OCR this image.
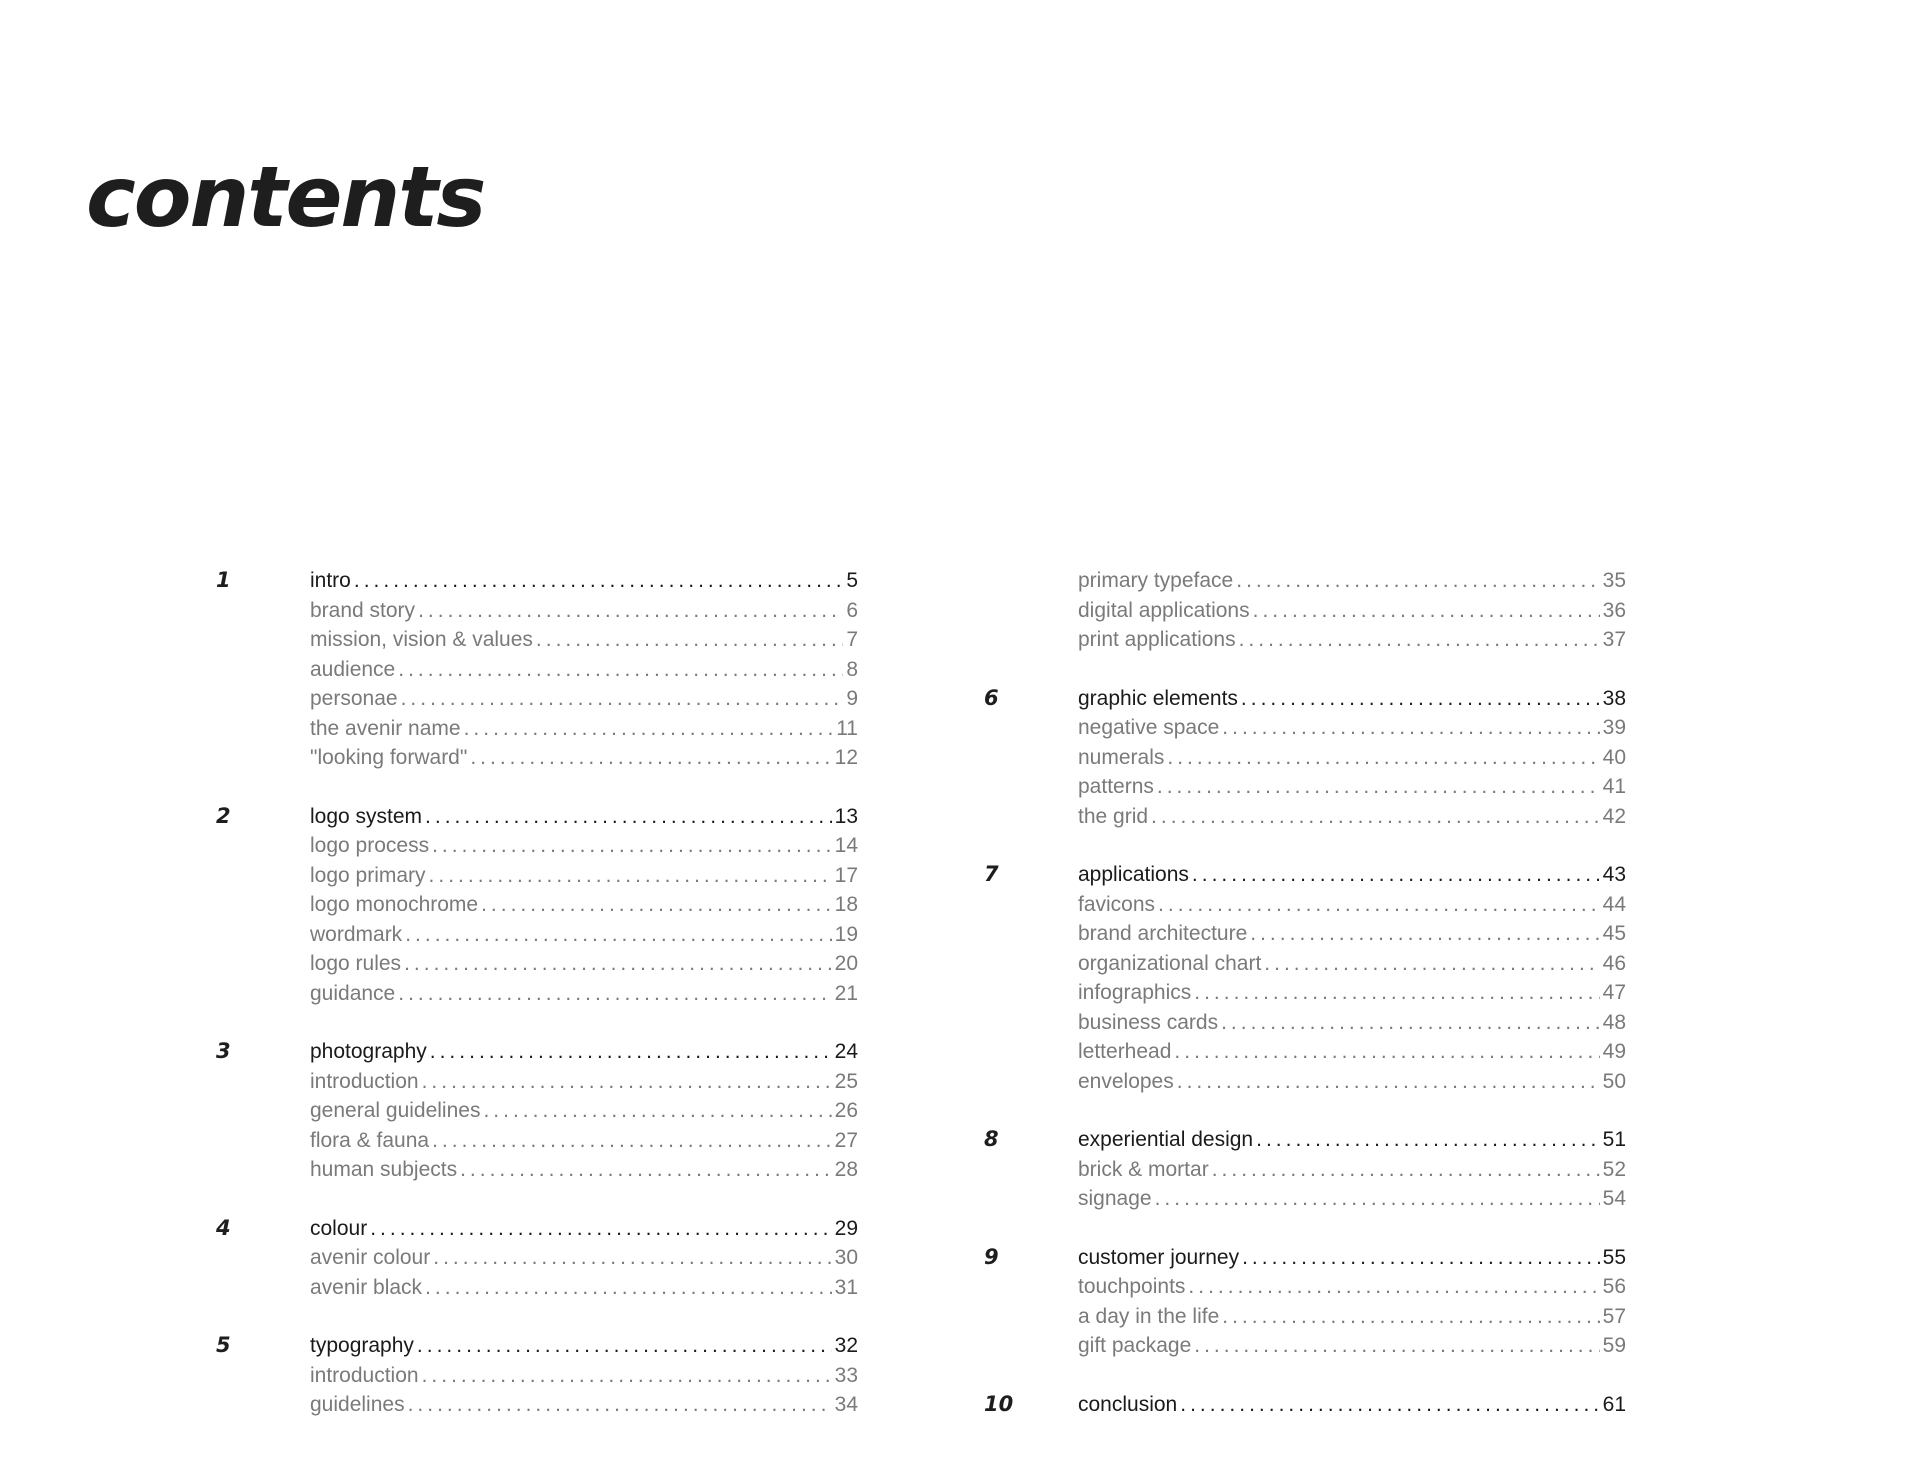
contents
1	intro .....	5
brand story .....	6
mission, vision & values .....	7
audience .....	8
personae .....	9
the avenir name .....	11
"looking forward" .....	12
2	logo system .....	13
logo process .....	14
logo primary .....	17
logo monochrome .....	18
wordmark .....	19
logo rules .....	20
guidance .....	21
3	photography .....	24
introduction .....	25
general guidelines .....	26
flora & fauna .....	27
human subjects .....	28
4	colour .....	29
avenir colour .....	30
avenir black .....	31
5	typography .....	32
introduction .....	33
guidelines .....	34
primary typeface .....	35
digital applications .....	36
print applications .....	37
6	graphic elements .....	38
negative space .....	39
numerals .....	40
patterns .....	41
the grid .....	42
7	applications .....	43
favicons .....	44
brand architecture .....	45
organizational chart .....	46
infographics .....	47
business cards .....	48
letterhead .....	49
envelopes .....	50
8	experiential design .....	51
brick & mortar .....	52
signage .....	54
9	customer journey .....	55
touchpoints .....	56
a day in the life .....	57
gift package .....	59
10	conclusion .....	61
